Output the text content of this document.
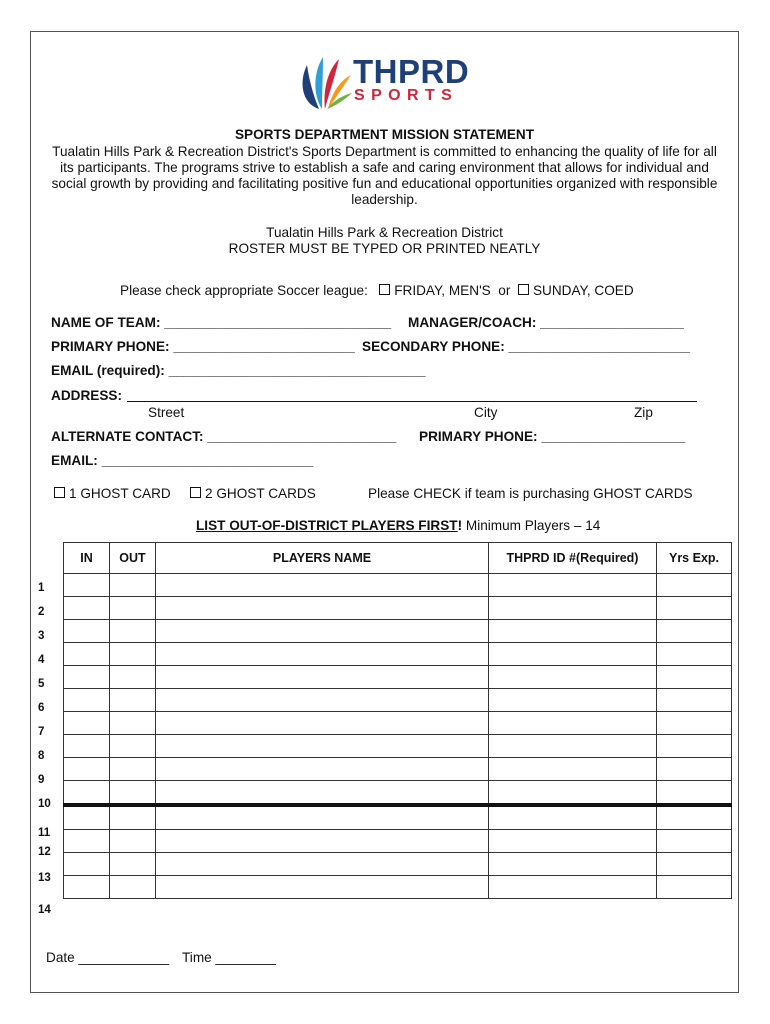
THPRD
SPORTS
SPORTS DEPARTMENT MISSION STATEMENT
Tualatin Hills Park & Recreation District's Sports Department is committed to enhancing the quality of life for all
its participants. The programs strive to establish a safe and caring environment that allows for individual and
social growth by providing and facilitating positive fun and educational opportunities organized with responsible
leadership.
Tualatin Hills Park & Recreation District
ROSTER MUST BE TYPED OR PRINTED NEATLY
Please check appropriate Soccer league: FRIDAY, MEN'S or SUNDAY, COED
NAME OF TEAM: ______________________________ MANAGER/COACH: ___________________
PRIMARY PHONE: ________________________ SECONDARY PHONE: ________________________
EMAIL (required): __________________________________
ADDRESS:
Street	City	Zip
ALTERNATE CONTACT: _________________________ PRIMARY PHONE: ___________________
EMAIL: ____________________________
1 GHOST CARD	2 GHOST CARDS	Please CHECK if team is purchasing GHOST CARDS
LIST OUT-OF-DISTRICT PLAYERS FIRST! Minimum Players – 14
IN	OUT	PLAYERS NAME	THPRD ID #(Required)	Yrs Exp.

1
2
3
4
5
6
7
8
9
10
11
12
13
14
Date ____________ Time ________
